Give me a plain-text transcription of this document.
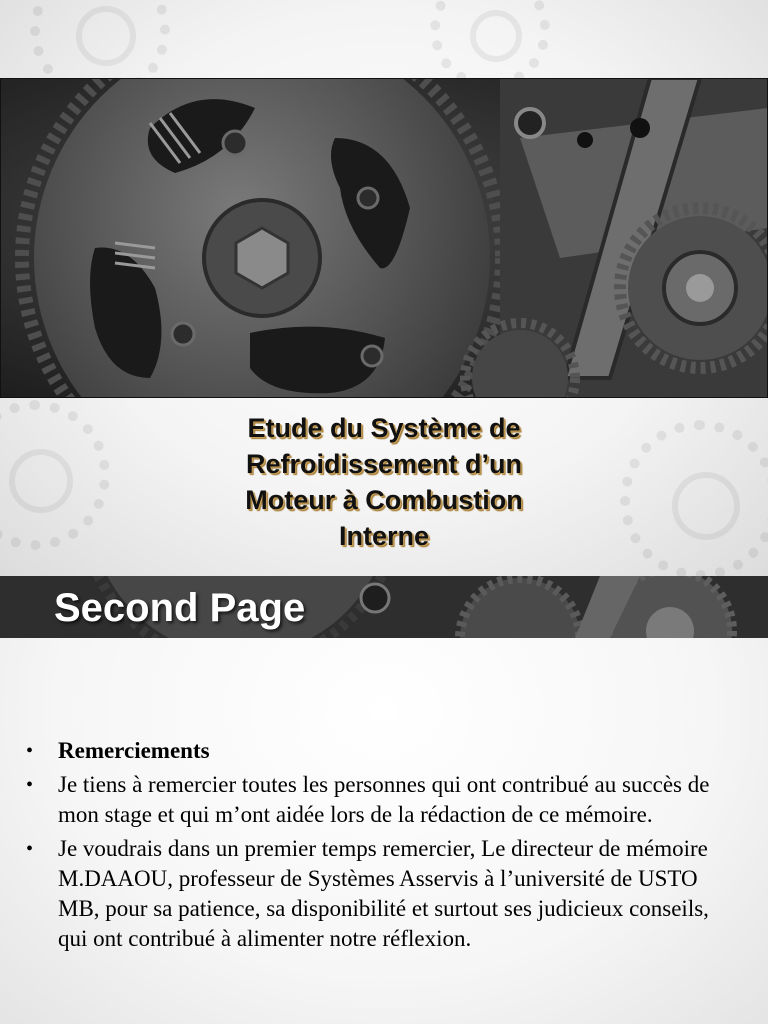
Etude du Système de
Refroidissement d’un
Moteur à Combustion
Interne
Second Page
• Remerciements
• Je tiens à remercier toutes les personnes qui ont contribué au succès de mon stage et qui m’ont aidée lors de la rédaction de ce mémoire.
• Je voudrais dans un premier temps remercier, Le directeur de mémoire M.DAAOU, professeur de Systèmes Asservis à l’université de USTO MB, pour sa patience, sa disponibilité et surtout ses judicieux conseils, qui ont contribué à alimenter notre réflexion.
